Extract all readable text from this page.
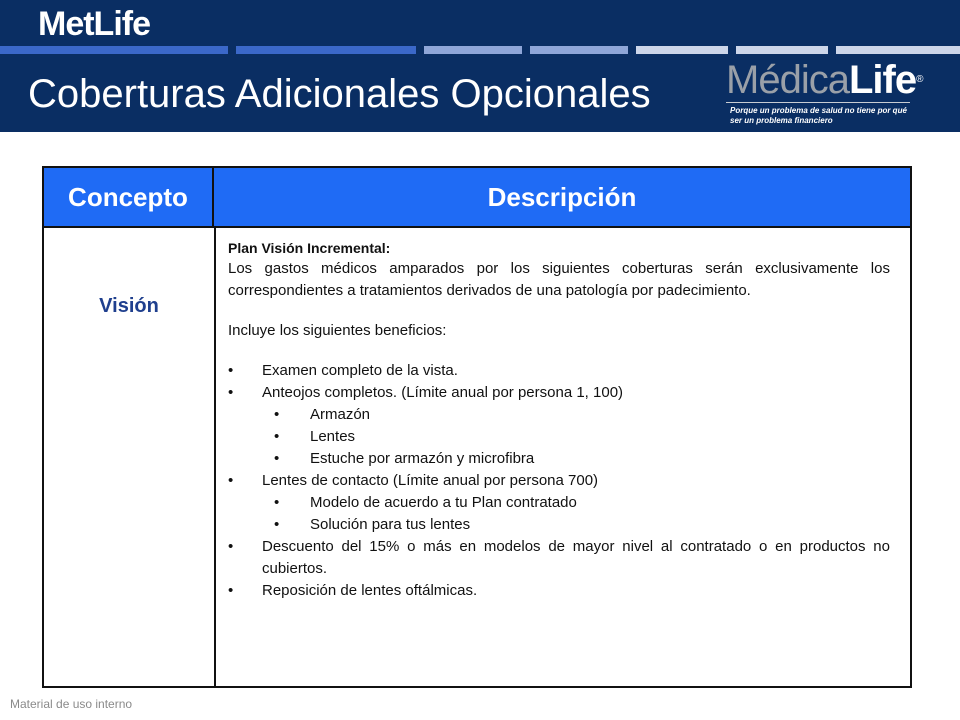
MetLife
Coberturas Adicionales Opcionales MédicaLife®
Porque un problema de salud no tiene por qué ser un problema financiero
Concepto	Descripción
Visión

Plan Visión Incremental:

Los gastos médicos amparados por los siguientes coberturas serán exclusivamente los correspondientes a tratamientos derivados de una patología por padecimiento.

Incluye los siguientes beneficios:

• Examen completo de la vista.
• Anteojos completos. (Límite anual por persona 1, 100)
• Armazón
• Lentes
• Estuche por armazón y microfibra
• Lentes de contacto (Límite anual por persona 700)
• Modelo de acuerdo a tu Plan contratado
• Solución para tus lentes
• Descuento del 15% o más en modelos de mayor nivel al contratado o en productos no cubiertos.
• Reposición de lentes oftálmicas.
Material de uso interno
